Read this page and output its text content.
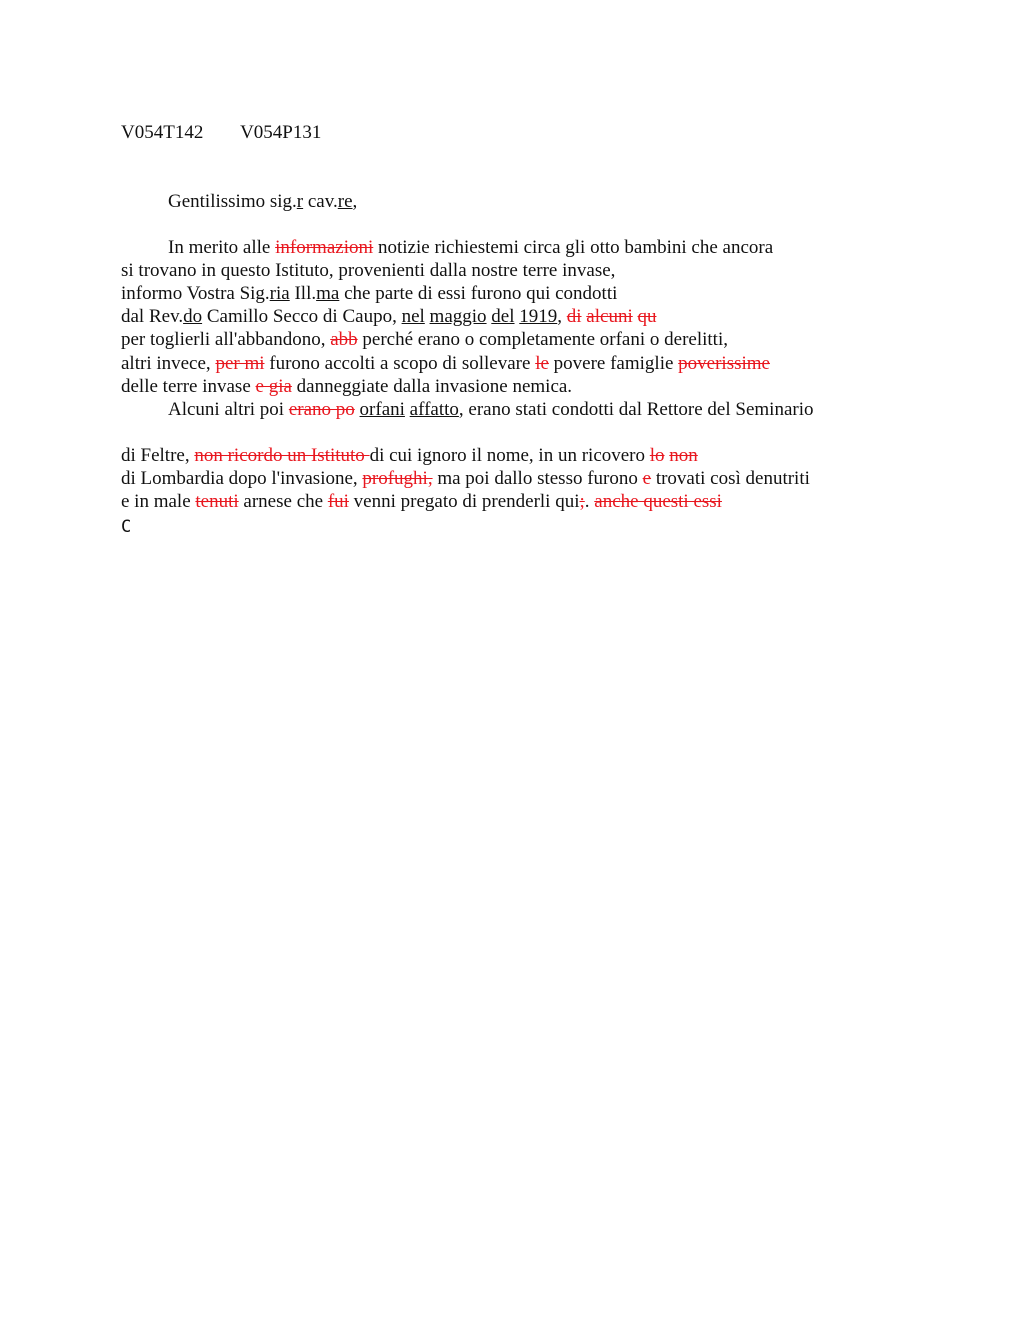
V054T142 V054P131
Gentilissimo sig.r cav.re,
In merito alle informazioni notizie richiestemi circa gli otto bambini che ancora
si trovano in questo Istituto, provenienti dalla nostre terre invase,
informo Vostra Sig.ria Ill.ma che parte di essi furono qui condotti
dal Rev.do Camillo Secco di Caupo, nel maggio del 1919, di alcuni qu
per toglierli all'abbandono, abb perché erano o completamente orfani o derelitti,
altri invece, per mi furono accolti a scopo di sollevare le povere famiglie poverissime
delle terre invase e gia danneggiate dalla invasione nemica.
Alcuni altri poi erano po orfani affatto, erano stati condotti dal Rettore del Seminario
di Feltre, non ricordo un Istituto di cui ignoro il nome, in un ricovero lo non
di Lombardia dopo l'invasione, profughi, ma poi dallo stesso furono e trovati così denutriti
e in male tenuti arnese che fui venni pregato di prenderli qui;. anche questi essi
C
